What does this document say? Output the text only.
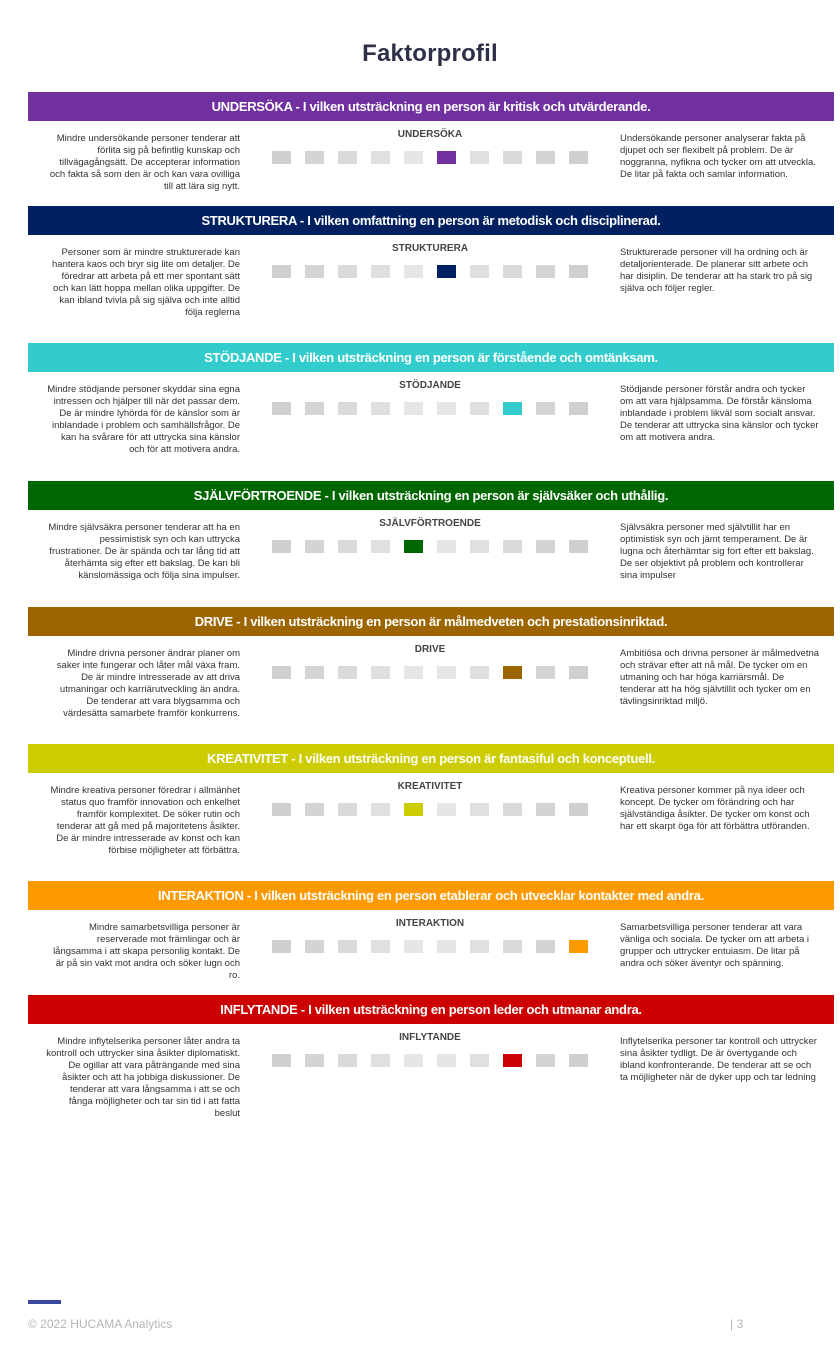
Faktorprofil
UNDERSÖKA - I vilken utsträckning en person är kritisk och utvärderande.
Mindre undersökande personer tenderar att förlita sig på befintlig kunskap och tillvägagångsätt. De accepterar information och fakta så som den är och kan vara ovilliga till att lära sig nytt.
UNDERSÖKA	Undersökande personer analyserar fakta på djupet och ser flexibelt på problem. De är noggranna, nyfikna och tycker om att utveckla. De litar på fakta och samlar information.
STRUKTURERA - I vilken omfattning en person är metodisk och disciplinerad.
Personer som är mindre strukturerade kan hantera kaos och bryr sig lite om detaljer. De föredrar att arbeta på ett mer spontant sätt och kan lätt hoppa mellan olika uppgifter. De kan ibland tvivla på sig själva och inte alltid följa reglerna
STRUKTURERA	Strukturerade personer vill ha ordning och är detaljorienterade. De planerar sitt arbete och har disiplin. De tenderar att ha stark tro på sig själva och följer regler.
STÖDJANDE - I vilken utsträckning en person är förstående och omtänksam.
Mindre stödjande personer skyddar sina egna intressen och hjälper till när det passar dem. De är mindre lyhörda för de känslor som är inblandade i problem och samhällsfrågor. De kan ha svårare för att uttrycka sina känslor och för att motivera andra.
STÖDJANDE	Stödjande personer förstår andra och tycker om att vara hjälpsamma. De förstår känsloma inblandade i problem likväl som socialt ansvar. De tenderar att uttrycka sina känslor och tycker om att motivera andra.
SJÄLVFÖRTROENDE - I vilken utsträckning en person är självsäker och uthållig.
Mindre självsäkra personer tenderar att ha en pessimistisk syn och kan uttrycka frustrationer. De är spända och tar lång tid att återhämta sig efter ett bakslag. De kan bli känslomässiga och följa sina impulser.
SJÄLVFÖRTROENDE	Självsäkra personer med självtillit har en optimistisk syn och jämt temperament. De är lugna och återhämtar sig fort efter ett bakslag. De ser objektivt på problem och kontrollerar sina impulser
DRIVE - I vilken utsträckning en person är målmedveten och prestationsinriktad.
Mindre drivna personer ändrar planer om saker inte fungerar och låter mål växa fram. De är mindre intresserade av att driva utmaningar och karriärutveckling än andra. De tenderar att vara blygsamma och värdesätta samarbete framför konkurrens.
DRIVE	Ambitiösa och drivna personer är målmedvetna och strävar efter att nå mål. De tycker om en utmaning och har höga karriärsmål. De tenderar att ha hög självtillit och tycker om en tävlingsinriktad miljö.
KREATIVITET - I vilken utsträckning en person är fantasiful och konceptuell.
Mindre kreativa personer föredrar i allmänhet status quo framför innovation och enkelhet framför komplexitet. De söker rutin och tenderar att gå med på majoritetens åsikter. De är mindre intresserade av konst och kan förbise möjligheter att förbättra.
KREATIVITET	Kreativa personer kommer på nya ideer och koncept. De tycker om förändring och har självständiga åsikter. De tycker om konst och har ett skarpt öga för att förbättra utföranden.
INTERAKTION - I vilken utsträckning en person etablerar och utvecklar kontakter med andra.
Mindre samarbetsvilliga personer är reserverade mot främlingar och är långsamma i att skapa personlig kontakt. De är på sin vakt mot andra och söker lugn och ro.
INTERAKTION	Samarbetsvilliga personer tenderar att vara vänliga och sociala. De tycker om att arbeta i grupper och uttrycker entuiasm. De litar på andra och söker äventyr och spänning.
INFLYTANDE - I vilken utsträckning en person leder och utmanar andra.
Mindre inflytelserika personer låter andra ta kontroll och uttrycker sina åsikter diplomatiskt. De ogillar att vara påträngande med sina åsikter och att ha jobbiga diskussioner. De tenderar att vara långsamma i att se och fånga möjligheter och tar sin tid i att fatta beslut
INFLYTANDE	Inflytelserika personer tar kontroll och uttrycker sina åsikter tydligt. De är övertygande och ibland konfronterande. De tenderar att se och ta möjligheter när de dyker upp och tar ledning
© 2022 HUCAMA Analytics	| 3
